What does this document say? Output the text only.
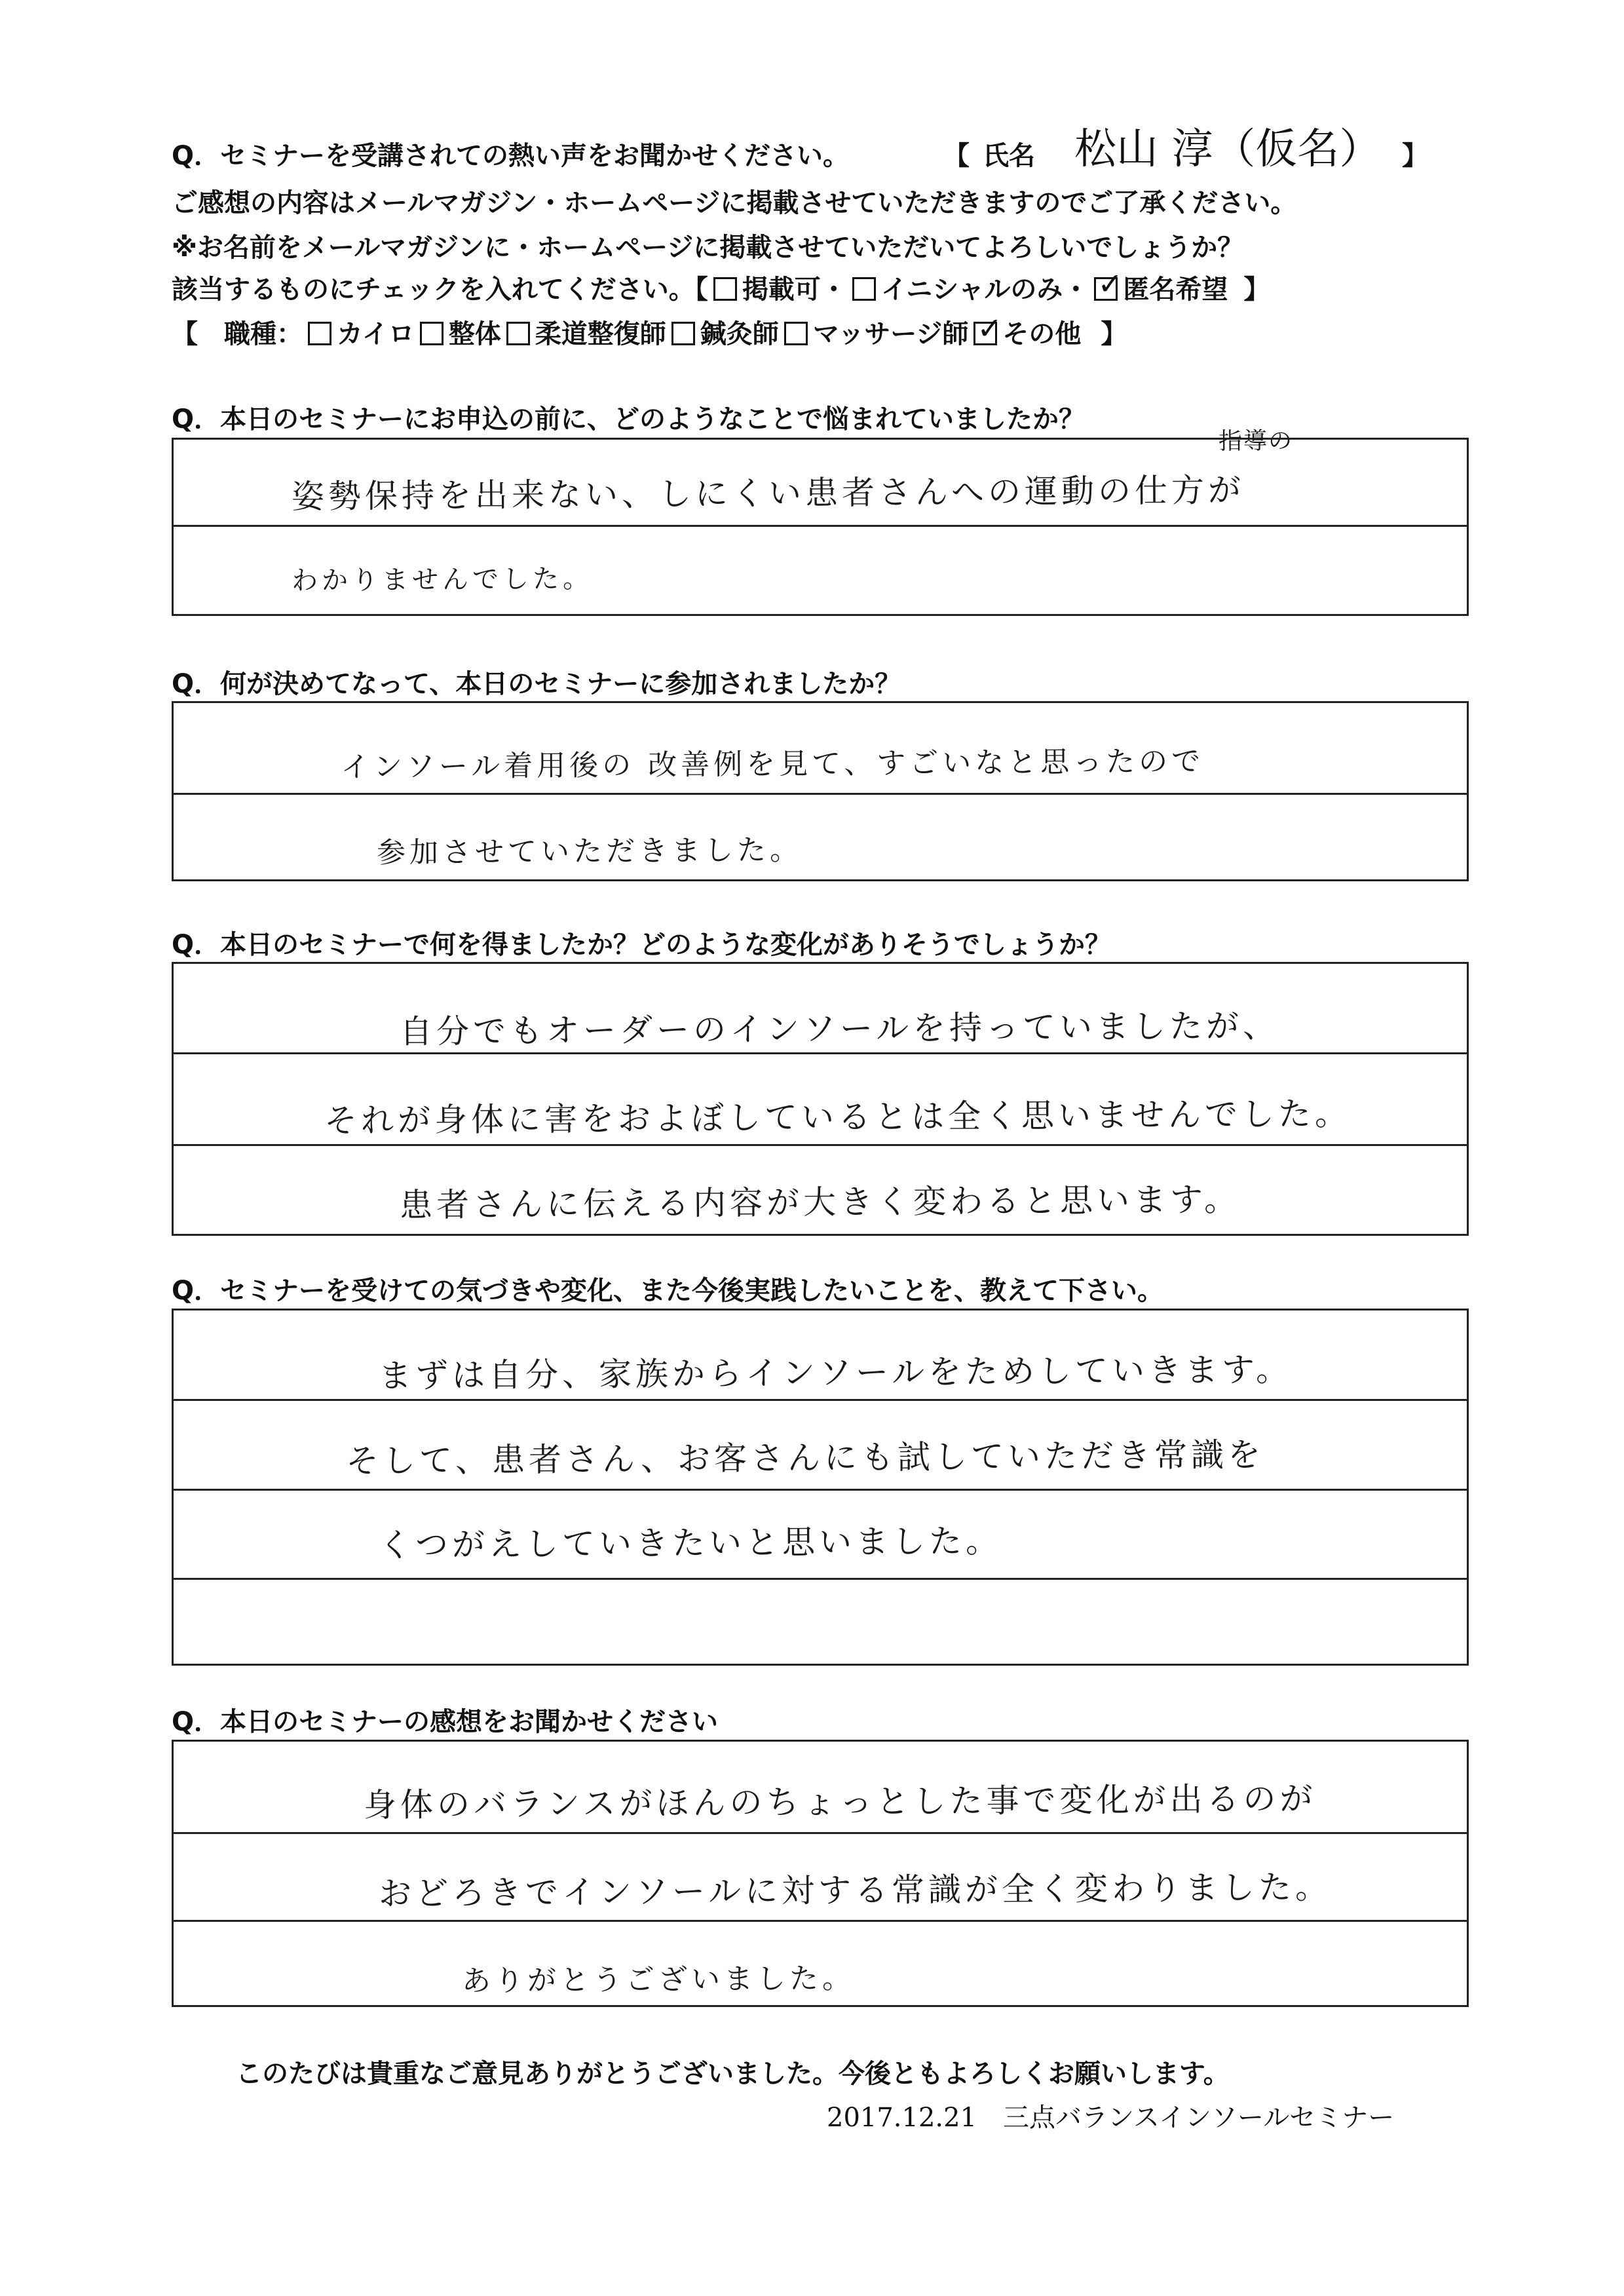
Q．セミナーを受講されての熱い声をお聞かせください。	【 氏名 松山 淳（仮名） 】
ご感想の内容はメールマガジン・ホームページに掲載させていただきますのでご了承ください。
※お名前をメールマガジンに・ホームページに掲載させていただいてよろしいでしょうか？
該当するものにチェックを入れてください。【 掲載可・ イニシャルのみ・ ✓ 匿名希望 】
【　職種： カイロ 整体 柔道整復師 鍼灸師 マッサージ師 ✓ その他 】
Q．本日のセミナーにお申込の前に、どのようなことで悩まれていましたか？
指導の
姿勢保持を出来ない、しにくい患者さんへの運動の仕方が
わかりませんでした。
Q．何が決めてなって、本日のセミナーに参加されましたか？
インソール着用後の 改善例を見て、すごいなと思ったので
参加させていただきました。
Q．本日のセミナーで何を得ましたか？どのような変化がありそうでしょうか？
自分でもオーダーのインソールを持っていましたが、
それが身体に害をおよぼしているとは全く思いませんでした。
患者さんに伝える内容が大きく変わると思います。
Q．セミナーを受けての気づきや変化、また今後実践したいことを、教えて下さい。
まずは自分、家族からインソールをためしていきます。
そして、患者さん、お客さんにも試していただき常識を
くつがえしていきたいと思いました。
Q．本日のセミナーの感想をお聞かせください
身体のバランスがほんのちょっとした事で変化が出るのが
おどろきでインソールに対する常識が全く変わりました。
ありがとうございました。
このたびは貴重なご意見ありがとうございました。今後ともよろしくお願いします。
2017.12.21　三点バランスインソールセミナー
